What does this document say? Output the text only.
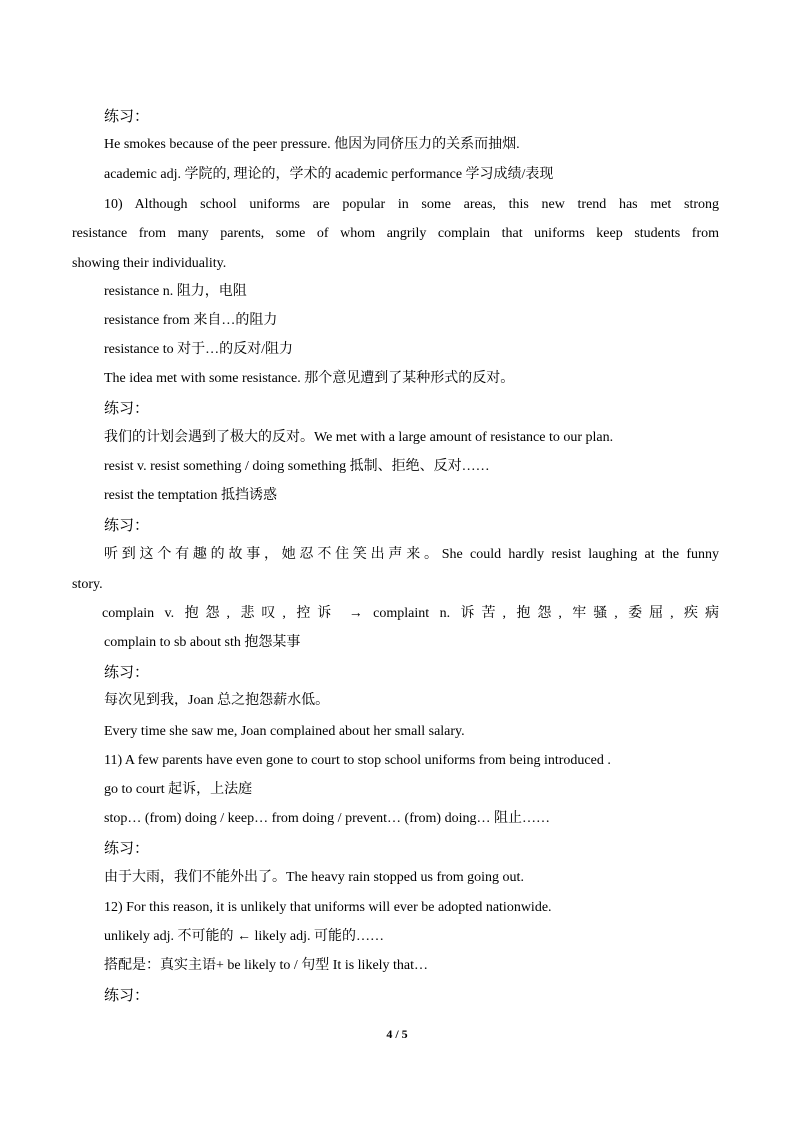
练习：
He smokes because of the peer pressure. 他因为同侪压力的关系而抽烟.
academic adj. 学院的, 理论的，学术的 academic performance 学习成绩/表现
10) Although school uniforms are popular in some areas, this new trend has met strong
resistance from many parents, some of whom angrily complain that uniforms keep students from
showing their individuality.
resistance n. 阻力，电阻
resistance from 来自…的阻力
resistance to 对于…的反对/阻力
The idea met with some resistance. 那个意见遭到了某种形式的反对。
练习：
我们的计划会遇到了极大的反对。We met with a large amount of resistance to our plan.
resist v. resist something / doing something 抵制、拒绝、反对……
resist the temptation 抵挡诱惑
练习：
听到这个有趣的故事，她忍不住笑出声来。She could hardly resist laughing at the funny
story.
complain v. 抱怨, 悲叹, 控诉 → complaint n. 诉苦, 抱怨, 牢骚, 委屈, 疾病
complain to sb about sth 抱怨某事
练习：
每次见到我，Joan 总之抱怨薪水低。
Every time she saw me, Joan complained about her small salary.
11) A few parents have even gone to court to stop school uniforms from being introduced .
go to court 起诉，上法庭
stop… (from) doing / keep… from doing / prevent… (from) doing… 阻止……
练习：
由于大雨，我们不能外出了。The heavy rain stopped us from going out.
12) For this reason, it is unlikely that uniforms will ever be adopted nationwide.
unlikely adj. 不可能的 ← likely adj. 可能的……
搭配是：真实主语+ be likely to / 句型 It is likely that…
练习：
4 / 5
